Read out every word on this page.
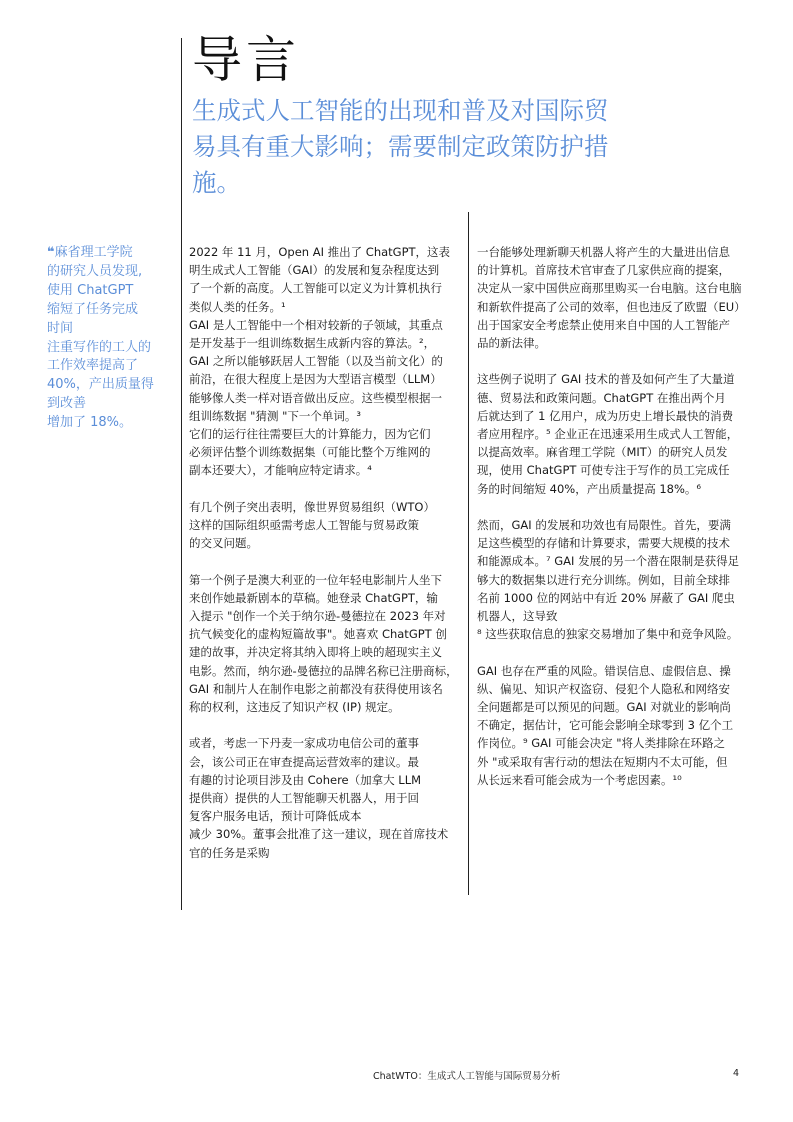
导言
生成式人工智能的出现和普及对国际贸
易具有重大影响；需要制定政策防护措
施。
❝麻省理工学院
的研究人员发现,
使用 ChatGPT
缩短了任务完成
时间
注重写作的工人的
工作效率提高了
40%，产出质量得
到改善
增加了 18%。
2022 年 11 月，Open AI 推出了 ChatGPT，这表
明生成式人工智能（GAI）的发展和复杂程度达到
了一个新的高度。人工智能可以定义为计算机执行
类似人类的任务。¹
GAI 是人工智能中一个相对较新的子领域，其重点
是开发基于一组训练数据生成新内容的算法。²，
GAI 之所以能够跃居人工智能（以及当前文化）的
前沿，在很大程度上是因为大型语言模型（LLM）
能够像人类一样对语音做出反应。这些模型根据一
组训练数据 "猜测 "下一个单词。³
它们的运行往往需要巨大的计算能力，因为它们
必须评估整个训练数据集（可能比整个万维网的
副本还要大），才能响应特定请求。⁴
有几个例子突出表明，像世界贸易组织（WTO）
这样的国际组织亟需考虑人工智能与贸易政策
的交叉问题。
第一个例子是澳大利亚的一位年轻电影制片人坐下
来创作她最新剧本的草稿。她登录 ChatGPT，输
入提示 "创作一个关于纳尔逊-曼德拉在 2023 年对
抗气候变化的虚构短篇故事"。她喜欢 ChatGPT 创
建的故事，并决定将其纳入即将上映的超现实主义
电影。然而，纳尔逊-曼德拉的品牌名称已注册商标，
GAI 和制片人在制作电影之前都没有获得使用该名
称的权利，这违反了知识产权 (IP) 规定。
或者，考虑一下丹麦一家成功电信公司的董事
会，该公司正在审查提高运营效率的建议。最
有趣的讨论项目涉及由 Cohere（加拿大 LLM
提供商）提供的人工智能聊天机器人，用于回
复客户服务电话，预计可降低成本
减少 30%。董事会批准了这一建议，现在首席技术
官的任务是采购
一台能够处理新聊天机器人将产生的大量进出信息
的计算机。首席技术官审查了几家供应商的提案，
决定从一家中国供应商那里购买一台电脑。这台电脑
和新软件提高了公司的效率，但也违反了欧盟（EU）
出于国家安全考虑禁止使用来自中国的人工智能产
品的新法律。
这些例子说明了 GAI 技术的普及如何产生了大量道
德、贸易法和政策问题。ChatGPT 在推出两个月
后就达到了 1 亿用户，成为历史上增长最快的消费
者应用程序。⁵ 企业正在迅速采用生成式人工智能，
以提高效率。麻省理工学院（MIT）的研究人员发
现，使用 ChatGPT 可使专注于写作的员工完成任
务的时间缩短 40%，产出质量提高 18%。⁶
然而，GAI 的发展和功效也有局限性。首先，要满
足这些模型的存储和计算要求，需要大规模的技术
和能源成本。⁷ GAI 发展的另一个潜在限制是获得足
够大的数据集以进行充分训练。例如，目前全球排
名前 1000 位的网站中有近 20% 屏蔽了 GAI 爬虫
机器人，这导致
⁸ 这些获取信息的独家交易增加了集中和竞争风险。
GAI 也存在严重的风险。错误信息、虚假信息、操
纵、偏见、知识产权盗窃、侵犯个人隐私和网络安
全问题都是可以预见的问题。GAI 对就业的影响尚
不确定，据估计，它可能会影响全球零到 3 亿个工
作岗位。⁹ GAI 可能会决定 "将人类排除在环路之
外 "或采取有害行动的想法在短期内不太可能，但
从长远来看可能会成为一个考虑因素。¹⁰
ChatWTO：生成式人工智能与国际贸易分析	4
